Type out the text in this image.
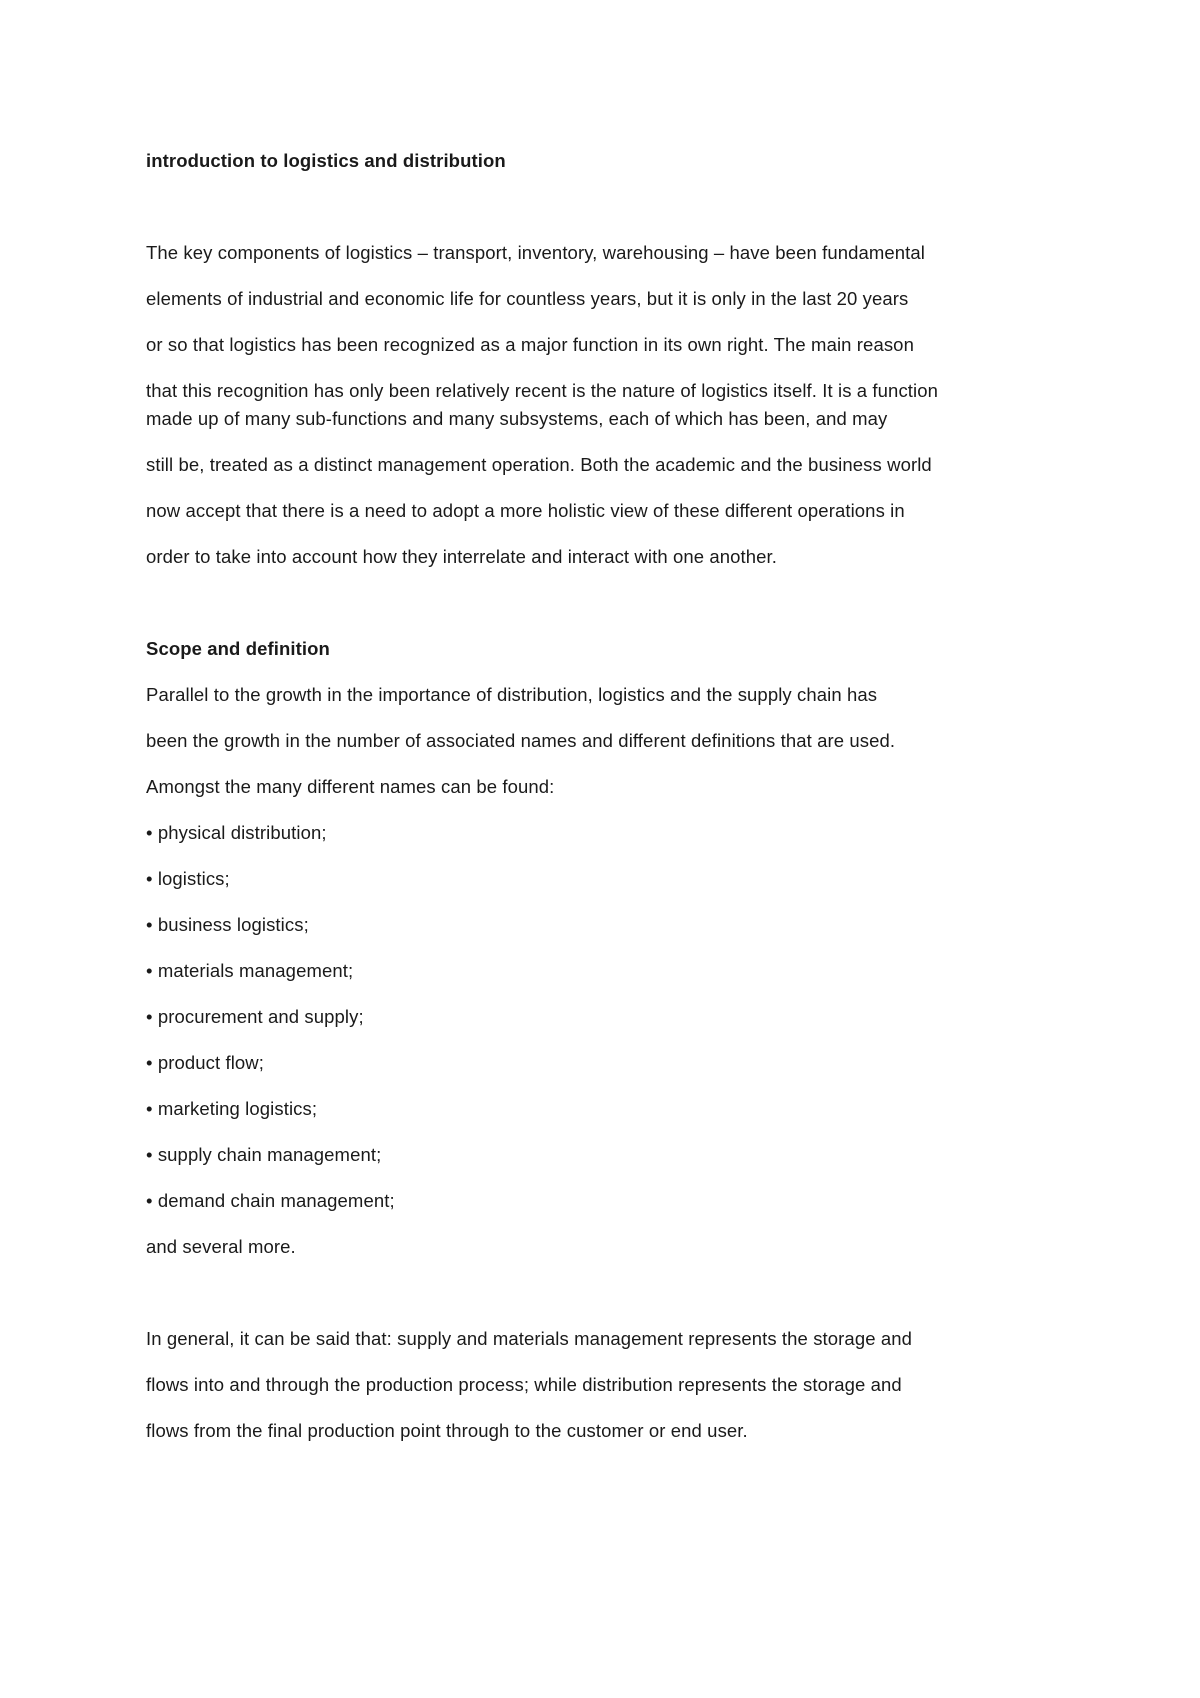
introduction to logistics and distribution
The key components of logistics – transport, inventory, warehousing – have been fundamental
elements of industrial and economic life for countless years, but it is only in the last 20 years
or so that logistics has been recognized as a major function in its own right. The main reason
that this recognition has only been relatively recent is the nature of logistics itself. It is a function
made up of many sub-functions and many subsystems, each of which has been, and may
still be, treated as a distinct management operation. Both the academic and the business world
now accept that there is a need to adopt a more holistic view of these different operations in
order to take into account how they interrelate and interact with one another.
Scope and definition
Parallel to the growth in the importance of distribution, logistics and the supply chain has
been the growth in the number of associated names and different definitions that are used.
Amongst the many different names can be found:
• physical distribution;
• logistics;
• business logistics;
• materials management;
• procurement and supply;
• product flow;
• marketing logistics;
• supply chain management;
• demand chain management;
and several more.
In general, it can be said that: supply and materials management represents the storage and
flows into and through the production process; while distribution represents the storage and
flows from the final production point through to the customer or end user.
